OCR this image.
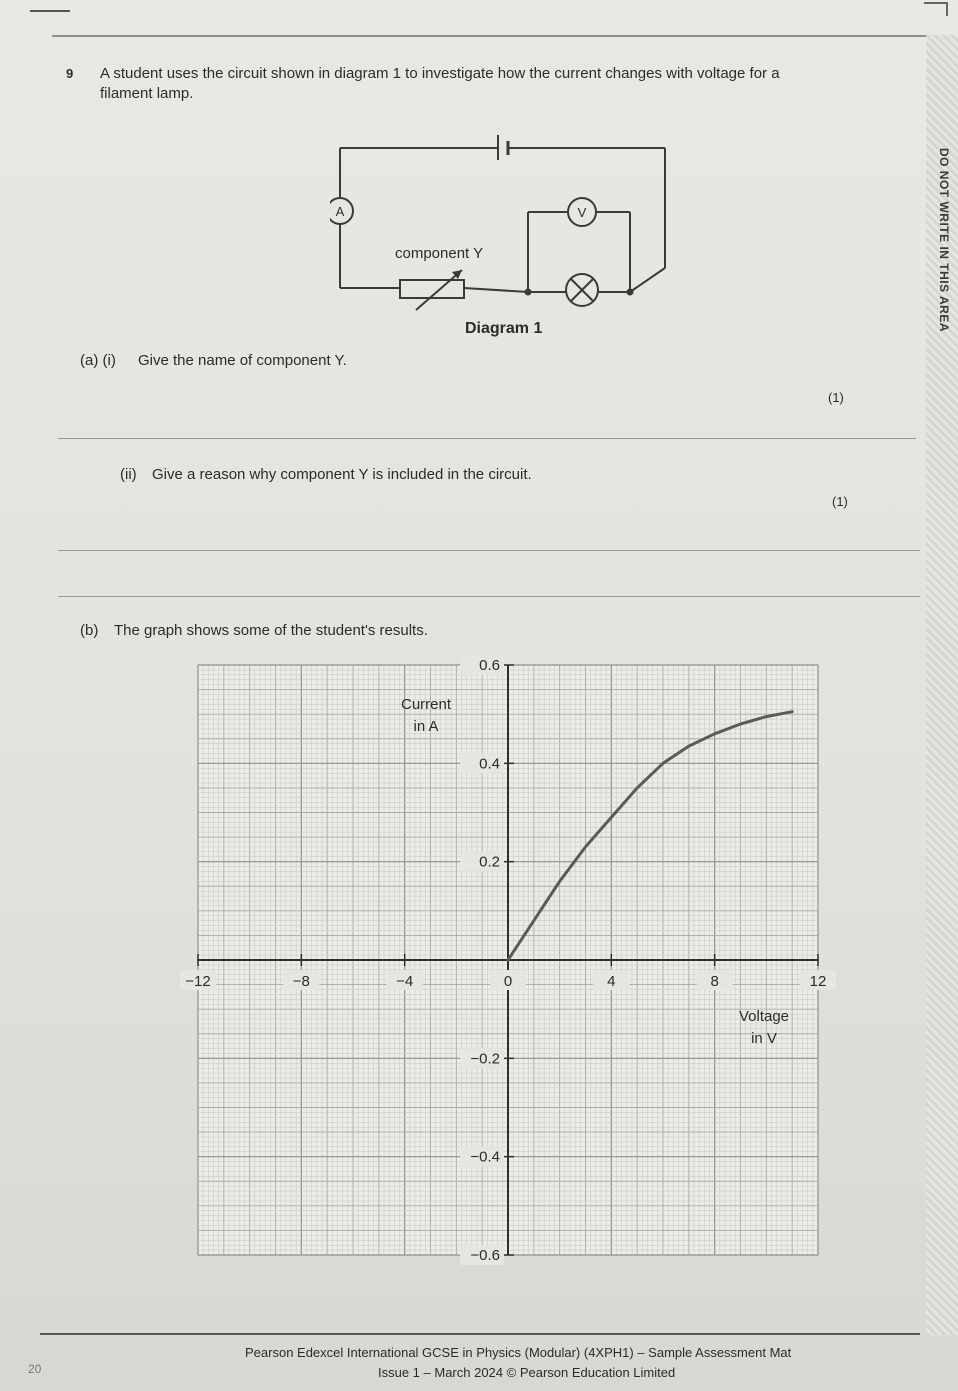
DO NOT WRITE IN THIS AREA
9 A student uses the circuit shown in diagram 1 to investigate how the current changes with voltage for a filament lamp.
A	V
component Y
Diagram 1
(a) (i) Give the name of component Y.
(1)
(ii) Give a reason why component Y is included in the circuit.
(1)
(b) The graph shows some of the student's results.
−12	−8	−4	0	4	8	12
0.6
0.4
0.2
−0.2
−0.4
−0.6
Current
in A
Voltage
in V
20
Pearson Edexcel International GCSE in Physics (Modular) (4XPH1) – Sample Assessment Mat
Issue 1 – March 2024 © Pearson Education Limited
